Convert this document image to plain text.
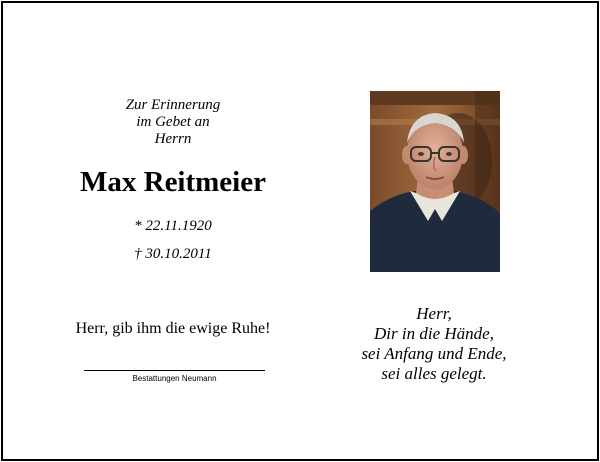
Zur Erinnerung
im Gebet an
Herrn
Max Reitmeier
* 22.11.1920
† 30.10.2011
Herr, gib ihm die ewige Ruhe!
Bestattungen Neumann
Herr,
Dir in die Hände,
sei Anfang und Ende,
sei alles gelegt.
